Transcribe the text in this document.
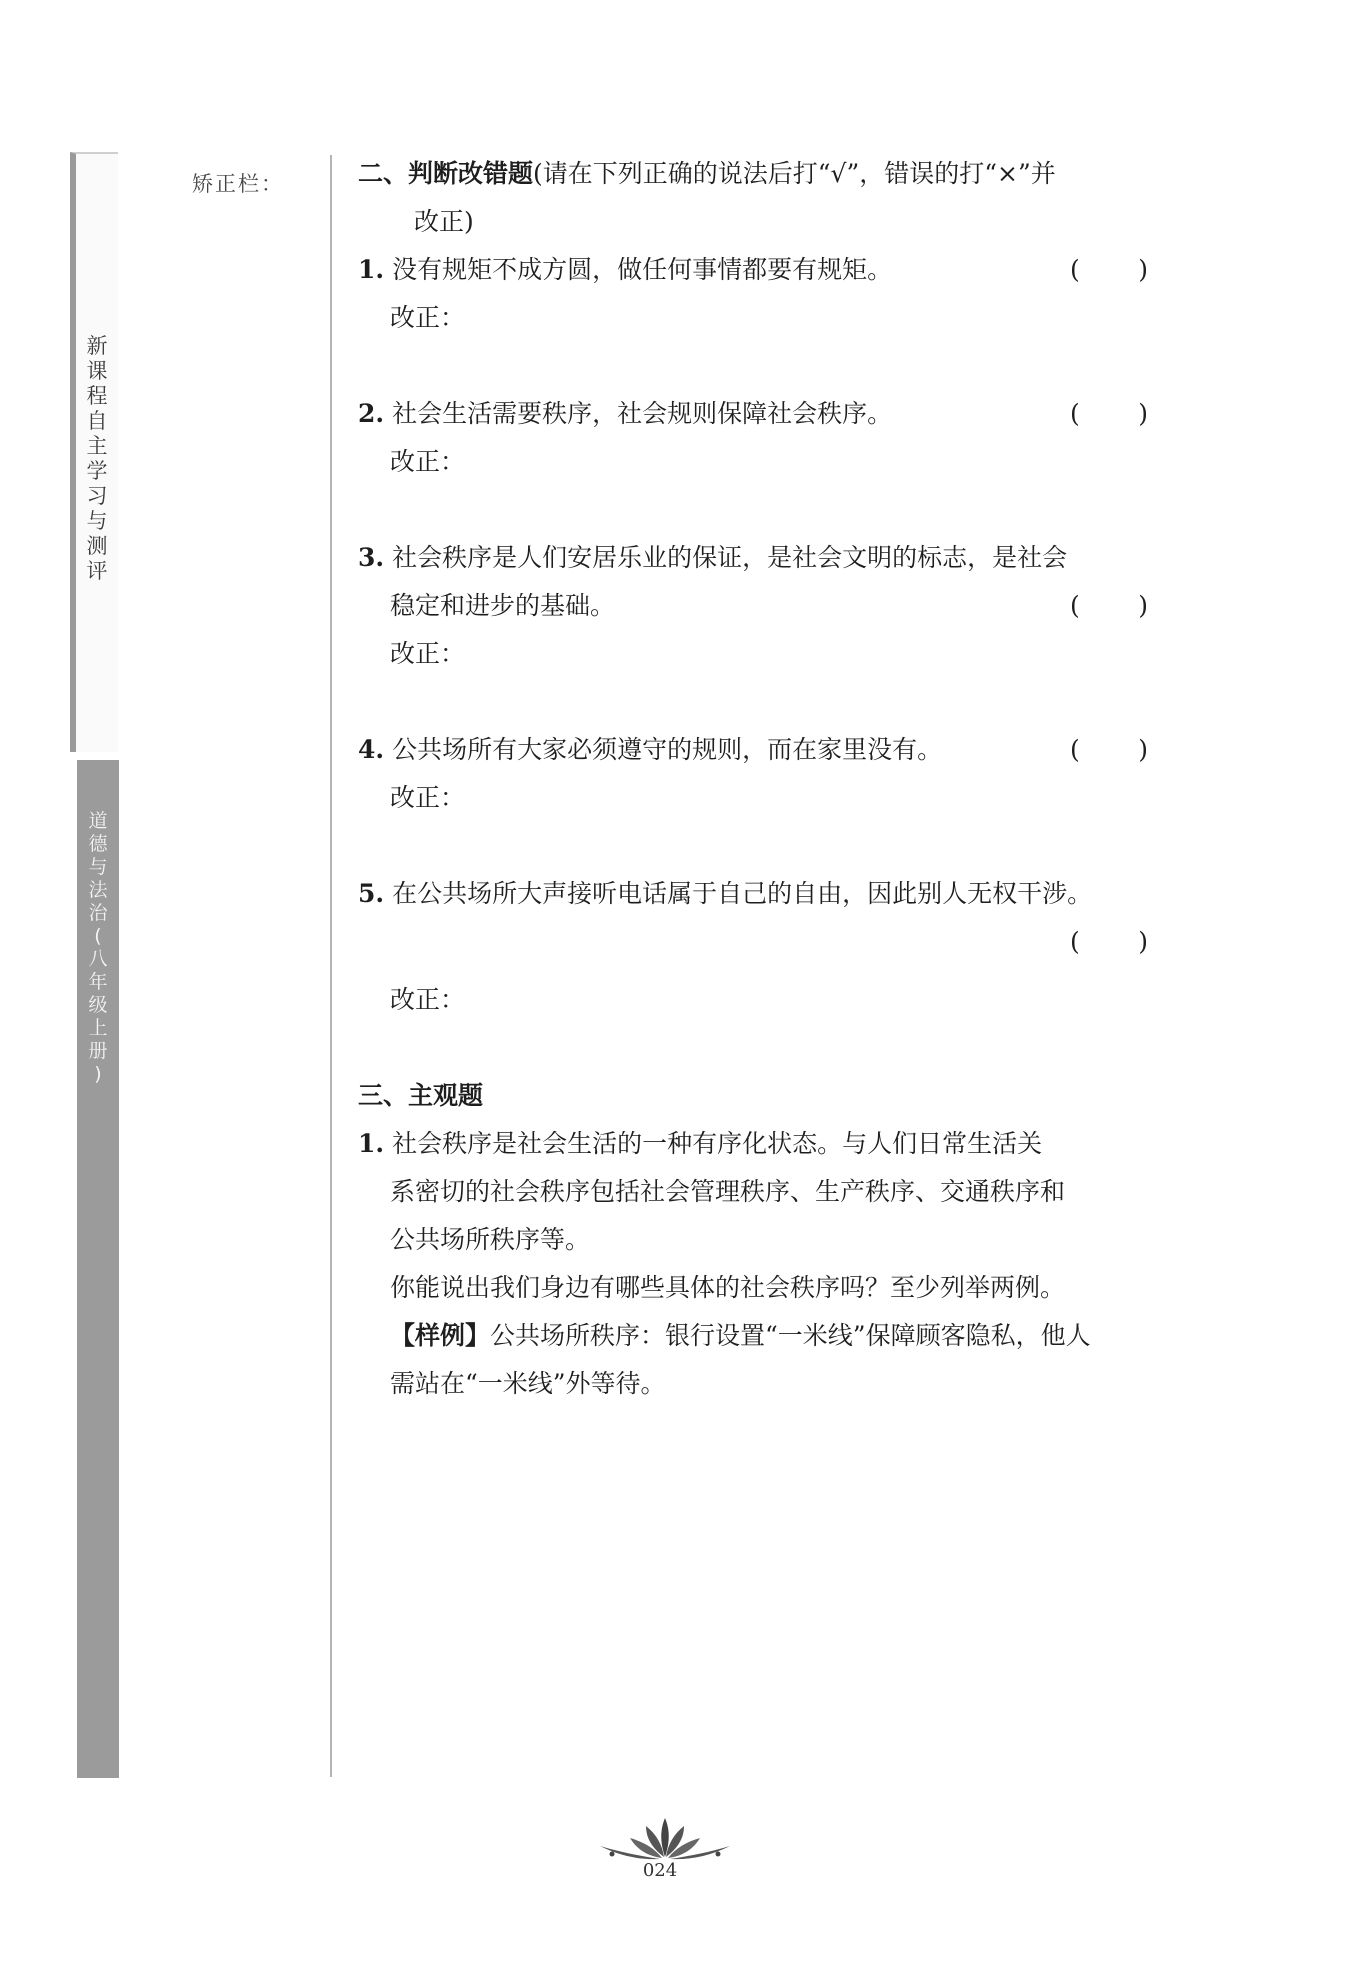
新
课
程
自
主
学
习
与
测
评
道
德
与
法
治
(
八
年
级
上
册
)
矫正栏：	二、判断改错题(请在下列正确的说法后打“√”，错误的打“×”并
改正)
1. 没有规矩不成方圆，做任何事情都要有规矩。	( )
改正：
2. 社会生活需要秩序，社会规则保障社会秩序。	( )
改正：
3. 社会秩序是人们安居乐业的保证，是社会文明的标志，是社会
稳定和进步的基础。	( )
改正：
4. 公共场所有大家必须遵守的规则，而在家里没有。	( )
改正：
5. 在公共场所大声接听电话属于自己的自由，因此别人无权干涉。
( )
改正：
三、主观题
1. 社会秩序是社会生活的一种有序化状态。与人们日常生活关
系密切的社会秩序包括社会管理秩序、生产秩序、交通秩序和
公共场所秩序等。
你能说出我们身边有哪些具体的社会秩序吗？至少列举两例。
【样例】公共场所秩序：银行设置“一米线”保障顾客隐私，他人
需站在“一米线”外等待。
024
